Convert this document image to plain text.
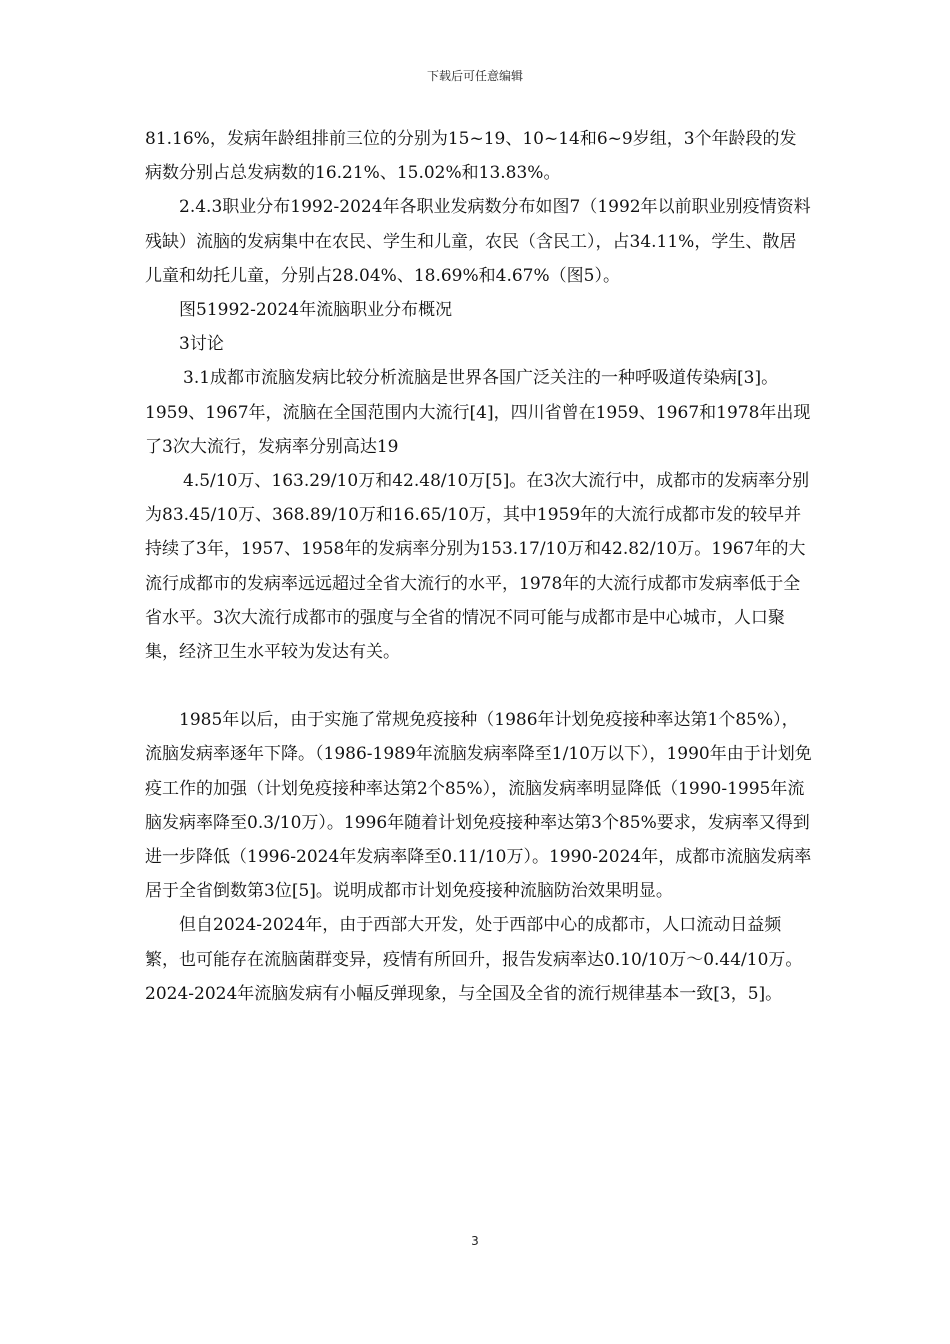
下载后可任意编辑

81.16%，发病年龄组排前三位的分别为15~19、10~14和6~9岁组，3个年龄段的发病数分别占总发病数的16.21%、15.02%和13.83%。

2.4.3职业分布1992-2024年各职业发病数分布如图7（1992年以前职业别疫情资料残缺）流脑的发病集中在农民、学生和儿童，农民（含民工），占34.11%，学生、散居儿童和幼托儿童，分别占28.04%、18.69%和4.67%（图5）。

图51992-2024年流脑职业分布概况

3讨论

3.1成都市流脑发病比较分析流脑是世界各国广泛关注的一种呼吸道传染病[3]。1959、1967年，流脑在全国范围内大流行[4]，四川省曾在1959、1967和1978年出现了3次大流行，发病率分别高达19

4.5/10万、163.29/10万和42.48/10万[5]。在3次大流行中，成都市的发病率分别为83.45/10万、368.89/10万和16.65/10万，其中1959年的大流行成都市发的较早并持续了3年，1957、1958年的发病率分别为153.17/10万和42.82/10万。1967年的大流行成都市的发病率远远超过全省大流行的水平，1978年的大流行成都市发病率低于全省水平。3次大流行成都市的强度与全省的情况不同可能与成都市是中心城市，人口聚集，经济卫生水平较为发达有关。

1985年以后，由于实施了常规免疫接种（1986年计划免疫接种率达第1个85%），流脑发病率逐年下降。（1986-1989年流脑发病率降至1/10万以下），1990年由于计划免疫工作的加强（计划免疫接种率达第2个85%），流脑发病率明显降低（1990-1995年流脑发病率降至0.3/10万）。1996年随着计划免疫接种率达第3个85%要求，发病率又得到进一步降低（1996-2024年发病率降至0.11/10万）。1990-2024年，成都市流脑发病率居于全省倒数第3位[5]。说明成都市计划免疫接种流脑防治效果明显。

但自2024-2024年，由于西部大开发，处于西部中心的成都市，人口流动日益频繁，也可能存在流脑菌群变异，疫情有所回升，报告发病率达0.10/10万～0.44/10万。2024-2024年流脑发病有小幅反弹现象，与全国及全省的流行规律基本一致[3，5]。

3
